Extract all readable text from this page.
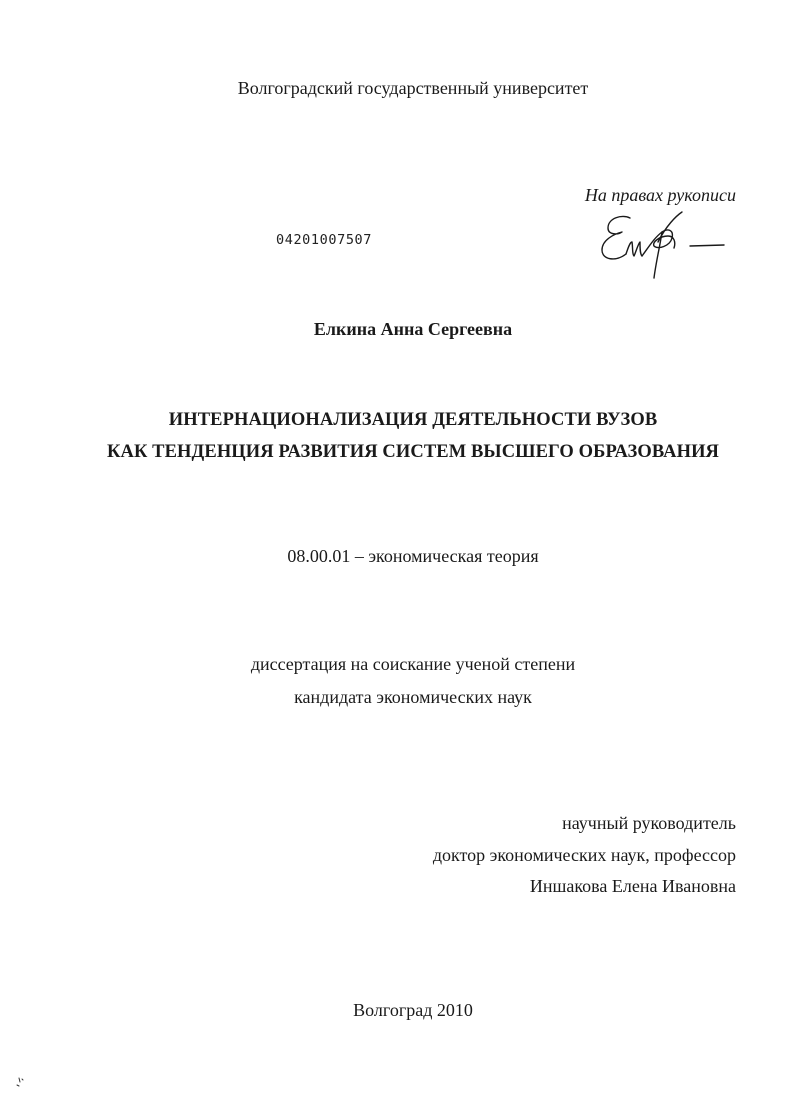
Волгоградский государственный университет
На правах рукописи
04201007507
Елкина Анна Сергеевна
ИНТЕРНАЦИОНАЛИЗАЦИЯ ДЕЯТЕЛЬНОСТИ ВУЗОВ
КАК ТЕНДЕНЦИЯ РАЗВИТИЯ СИСТЕМ ВЫСШЕГО ОБРАЗОВАНИЯ
08.00.01 – экономическая теория
диссертация на соискание ученой степени
кандидата экономических наук
научный руководитель
доктор экономических наук, профессор
Иншакова Елена Ивановна
Волгоград 2010
